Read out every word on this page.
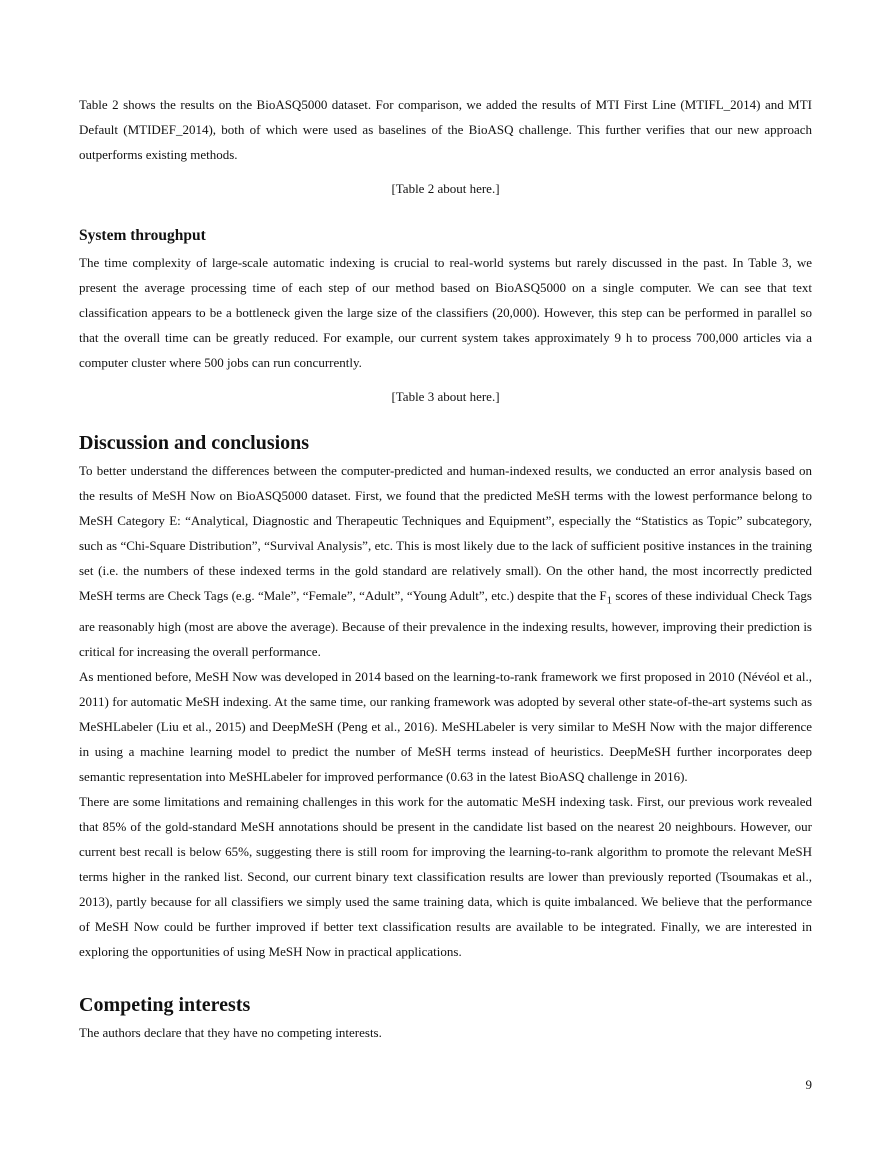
Table 2 shows the results on the BioASQ5000 dataset. For comparison, we added the results of MTI First Line (MTIFL_2014) and MTI Default (MTIDEF_2014), both of which were used as baselines of the BioASQ challenge. This further verifies that our new approach outperforms existing methods.

[Table 2 about here.]

System throughput

The time complexity of large-scale automatic indexing is crucial to real-world systems but rarely discussed in the past. In Table 3, we present the average processing time of each step of our method based on BioASQ5000 on a single computer. We can see that text classification appears to be a bottleneck given the large size of the classifiers (20,000). However, this step can be performed in parallel so that the overall time can be greatly reduced. For example, our current system takes approximately 9 h to process 700,000 articles via a computer cluster where 500 jobs can run concurrently.

[Table 3 about here.]

Discussion and conclusions

To better understand the differences between the computer-predicted and human-indexed results, we conducted an error analysis based on the results of MeSH Now on BioASQ5000 dataset. First, we found that the predicted MeSH terms with the lowest performance belong to MeSH Category E: “Analytical, Diagnostic and Therapeutic Techniques and Equipment”, especially the “Statistics as Topic” subcategory, such as “Chi-Square Distribution”, “Survival Analysis”, etc. This is most likely due to the lack of sufficient positive instances in the training set (i.e. the numbers of these indexed terms in the gold standard are relatively small). On the other hand, the most incorrectly predicted MeSH terms are Check Tags (e.g. “Male”, “Female”, “Adult”, “Young Adult”, etc.) despite that the $F_1$ scores of these individual Check Tags are reasonably high (most are above the average). Because of their prevalence in the indexing results, however, improving their prediction is critical for increasing the overall performance.

As mentioned before, MeSH Now was developed in 2014 based on the learning-to-rank framework we first proposed in 2010 (Névéol et al., 2011) for automatic MeSH indexing. At the same time, our ranking framework was adopted by several other state-of-the-art systems such as MeSHLabeler (Liu et al., 2015) and DeepMeSH (Peng et al., 2016). MeSHLabeler is very similar to MeSH Now with the major difference in using a machine learning model to predict the number of MeSH terms instead of heuristics. DeepMeSH further incorporates deep semantic representation into MeSHLabeler for improved performance (0.63 in the latest BioASQ challenge in 2016).

There are some limitations and remaining challenges in this work for the automatic MeSH indexing task. First, our previous work revealed that 85% of the gold-standard MeSH annotations should be present in the candidate list based on the nearest 20 neighbours. However, our current best recall is below 65%, suggesting there is still room for improving the learning-to-rank algorithm to promote the relevant MeSH terms higher in the ranked list. Second, our current binary text classification results are lower than previously reported (Tsoumakas et al., 2013), partly because for all classifiers we simply used the same training data, which is quite imbalanced. We believe that the performance of MeSH Now could be further improved if better text classification results are available to be integrated. Finally, we are interested in exploring the opportunities of using MeSH Now in practical applications.

Competing interests

The authors declare that they have no competing interests.

9
